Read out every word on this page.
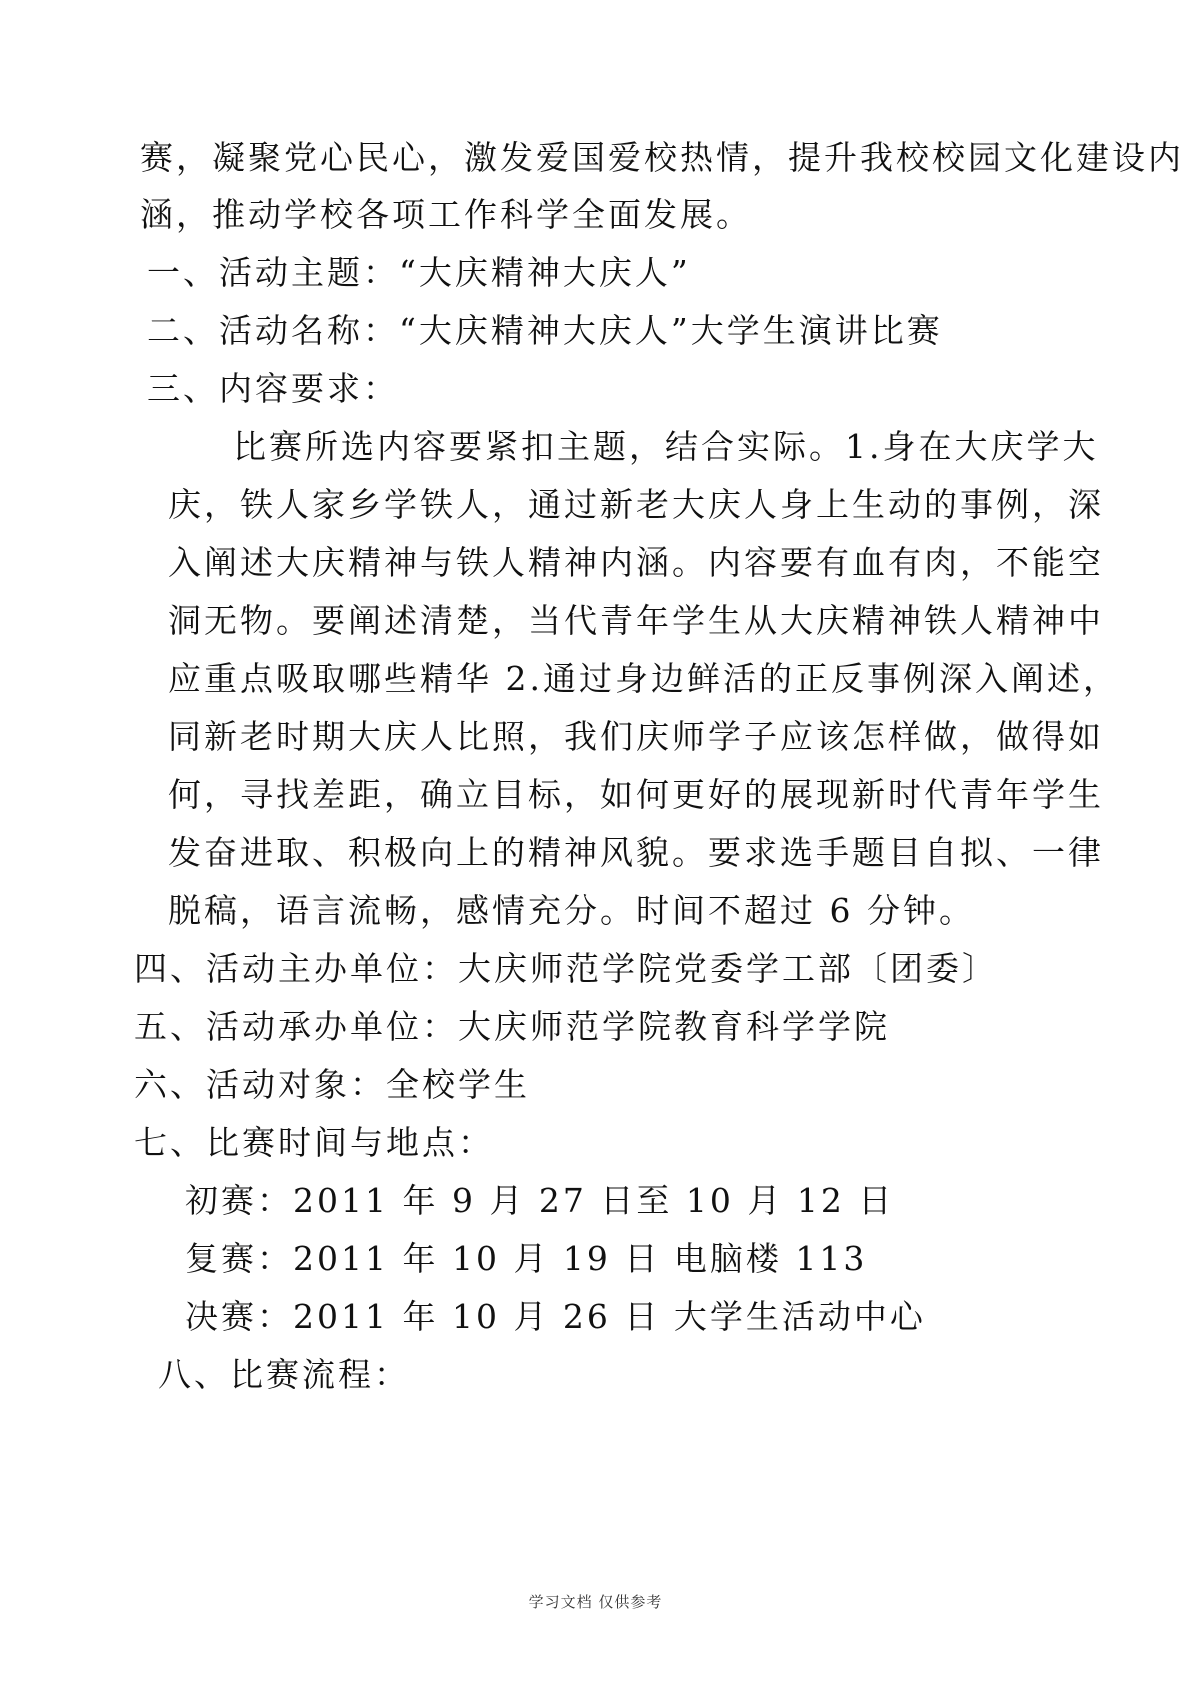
赛，凝聚党心民心，激发爱国爱校热情，提升我校校园文化建设内
涵，推动学校各项工作科学全面发展。
一、活动主题：“大庆精神大庆人”
二、活动名称：“大庆精神大庆人”大学生演讲比赛
三、内容要求：
比赛所选内容要紧扣主题，结合实际。1.身在大庆学大
庆，铁人家乡学铁人，通过新老大庆人身上生动的事例，深
入阐述大庆精神与铁人精神内涵。内容要有血有肉，不能空
洞无物。要阐述清楚，当代青年学生从大庆精神铁人精神中
应重点吸取哪些精华 2.通过身边鲜活的正反事例深入阐述，
同新老时期大庆人比照，我们庆师学子应该怎样做，做得如
何，寻找差距，确立目标，如何更好的展现新时代青年学生
发奋进取、积极向上的精神风貌。要求选手题目自拟、一律
脱稿，语言流畅，感情充分。时间不超过 6 分钟。
四、活动主办单位：大庆师范学院党委学工部〔团委〕
五、活动承办单位：大庆师范学院教育科学学院
六、活动对象：全校学生
七、比赛时间与地点：
初赛：2011 年 9 月 27 日至 10 月 12 日
复赛：2011 年 10 月 19 日 电脑楼 113
决赛：2011 年 10 月 26 日 大学生活动中心
八、比赛流程：
学习文档 仅供参考
